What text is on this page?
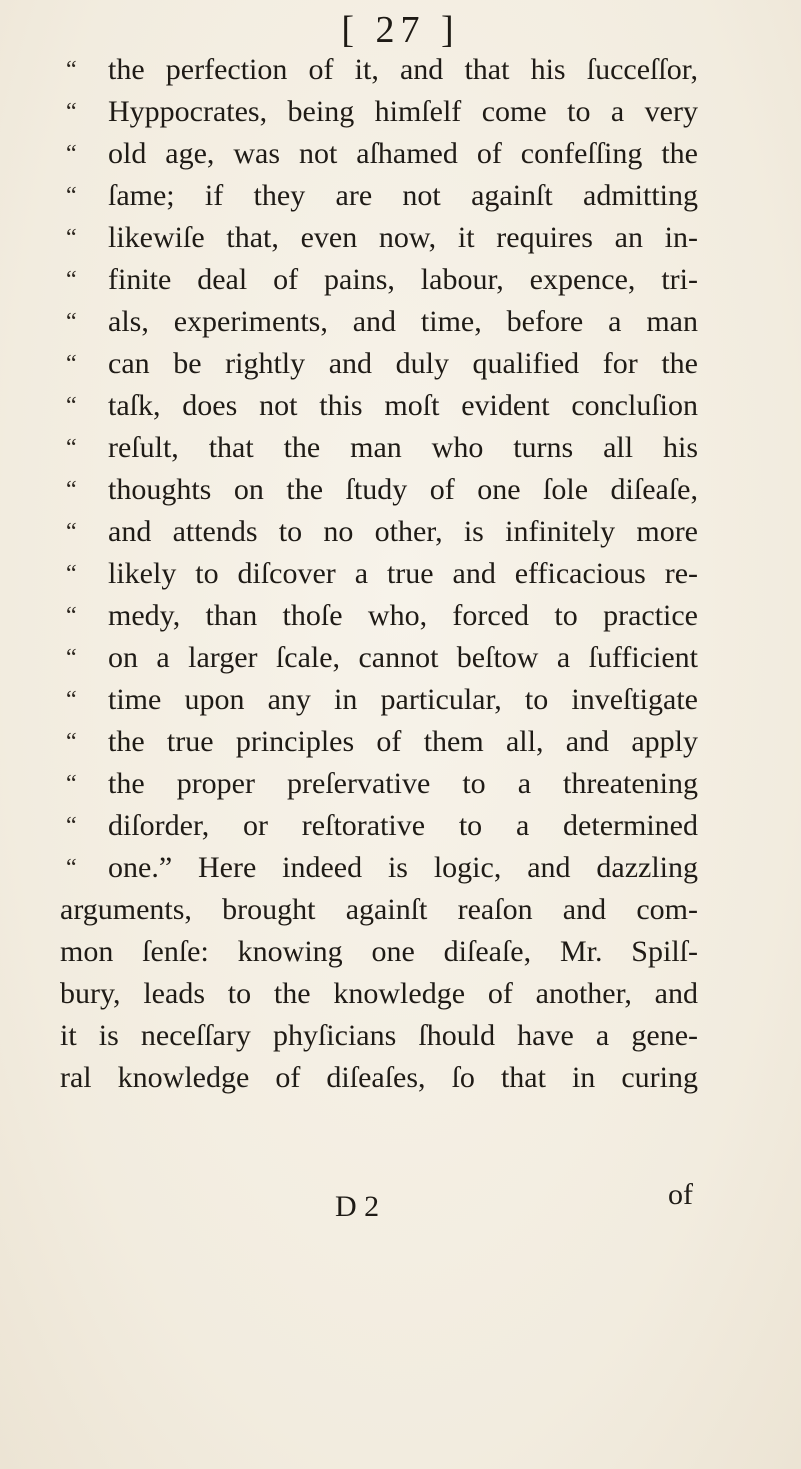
[ 27 ]
“	the perfection of it, and that his ſucceſſor,
“	Hyppocrates, being himſelf come to a very
“	old age, was not aſhamed of confeſſing the
“	ſame; if they are not againſt admitting
“	likewiſe that, even now, it requires an in-
“	finite deal of pains, labour, expence, tri-
“	als, experiments, and time, before a man
“	can be rightly and duly qualified for the
“	taſk, does not this moſt evident concluſion
“	reſult, that the man who turns all his
“	thoughts on the ſtudy of one ſole diſeaſe,
“	and attends to no other, is infinitely more
“	likely to diſcover a true and efficacious re-
“	medy, than thoſe who, forced to practice
“	on a larger ſcale, cannot beſtow a ſufficient
“	time upon any in particular, to inveſtigate
“	the true principles of them all, and apply
“	the proper preſervative to a threatening
“	diſorder, or reſtorative to a determined
“	one.” Here indeed is logic, and dazzling
arguments, brought againſt reaſon and com-
mon ſenſe: knowing one diſeaſe, Mr. Spilſ-
bury, leads to the knowledge of another, and
it is neceſſary phyſicians ſhould have a gene-
ral knowledge of diſeaſes, ſo that in curing
D 2	of
